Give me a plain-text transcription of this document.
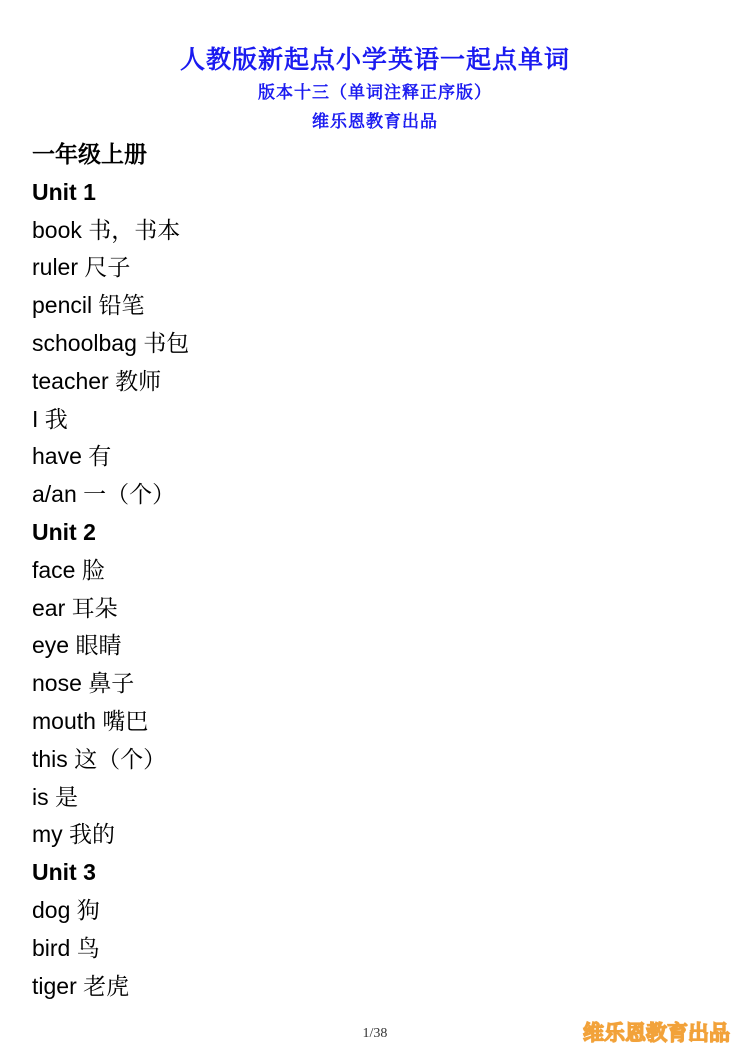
人教版新起点小学英语一起点单词
版本十三（单词注释正序版）
维乐恩教育出品
一年级上册
Unit 1
book 书，书本
ruler 尺子
pencil 铅笔
schoolbag 书包
teacher 教师
I 我
have 有
a/an 一（个）
Unit 2
face 脸
ear 耳朵
eye 眼睛
nose 鼻子
mouth 嘴巴
this 这（个）
is 是
my 我的
Unit 3
dog 狗
bird 鸟
tiger 老虎
1/38	维乐恩教育出品
